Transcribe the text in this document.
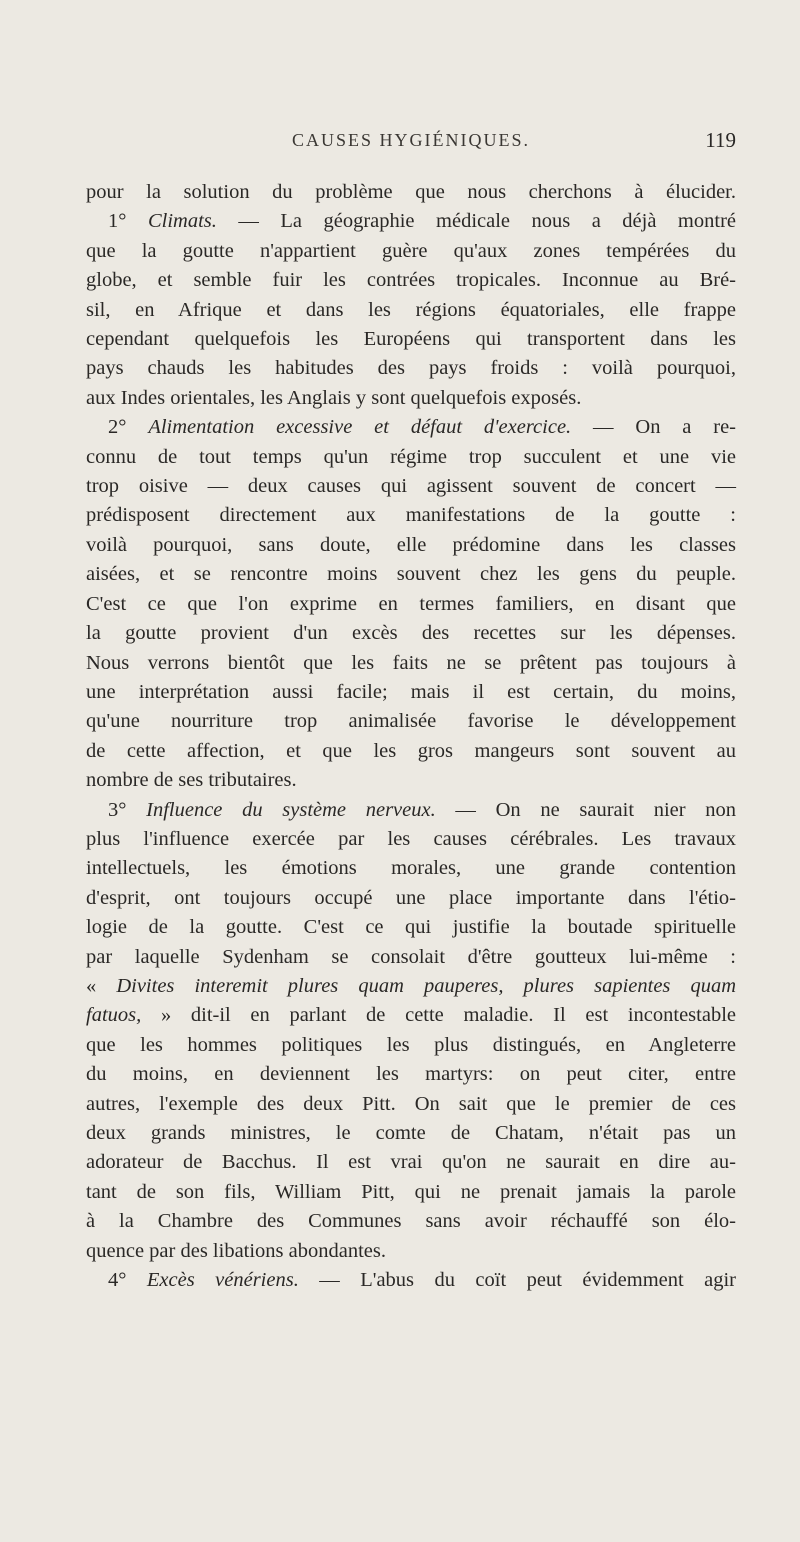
CAUSES HYGIÉNIQUES.	119
pour la solution du problème que nous cherchons à élucider.
1° Climats. — La géographie médicale nous a déjà montré
que la goutte n'appartient guère qu'aux zones tempérées du
globe, et semble fuir les contrées tropicales. Inconnue au Bré-
sil, en Afrique et dans les régions équatoriales, elle frappe
cependant quelquefois les Européens qui transportent dans les
pays chauds les habitudes des pays froids : voilà pourquoi,
aux Indes orientales, les Anglais y sont quelquefois exposés.
2° Alimentation excessive et défaut d'exercice. — On a re-
connu de tout temps qu'un régime trop succulent et une vie
trop oisive — deux causes qui agissent souvent de concert —
prédisposent directement aux manifestations de la goutte :
voilà pourquoi, sans doute, elle prédomine dans les classes
aisées, et se rencontre moins souvent chez les gens du peuple.
C'est ce que l'on exprime en termes familiers, en disant que
la goutte provient d'un excès des recettes sur les dépenses.
Nous verrons bientôt que les faits ne se prêtent pas toujours à
une interprétation aussi facile; mais il est certain, du moins,
qu'une nourriture trop animalisée favorise le développement
de cette affection, et que les gros mangeurs sont souvent au
nombre de ses tributaires.
3° Influence du système nerveux. — On ne saurait nier non
plus l'influence exercée par les causes cérébrales. Les travaux
intellectuels, les émotions morales, une grande contention
d'esprit, ont toujours occupé une place importante dans l'étio-
logie de la goutte. C'est ce qui justifie la boutade spirituelle
par laquelle Sydenham se consolait d'être goutteux lui-même :
« Divites interemit plures quam pauperes, plures sapientes quam
fatuos, » dit-il en parlant de cette maladie. Il est incontestable
que les hommes politiques les plus distingués, en Angleterre
du moins, en deviennent les martyrs: on peut citer, entre
autres, l'exemple des deux Pitt. On sait que le premier de ces
deux grands ministres, le comte de Chatam, n'était pas un
adorateur de Bacchus. Il est vrai qu'on ne saurait en dire au-
tant de son fils, William Pitt, qui ne prenait jamais la parole
à la Chambre des Communes sans avoir réchauffé son élo-
quence par des libations abondantes.
4° Excès vénériens. — L'abus du coït peut évidemment agir
